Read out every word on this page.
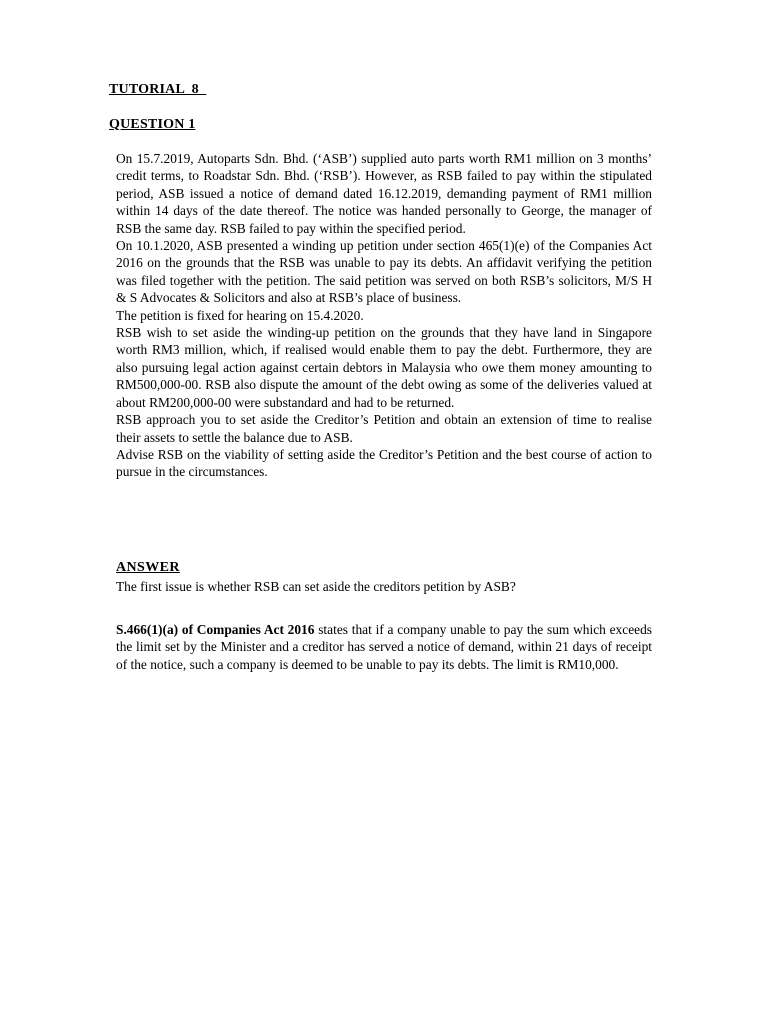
TUTORIAL  8
QUESTION 1

On 15.7.2019, Autoparts Sdn. Bhd. (‘ASB’) supplied auto parts worth RM1 million on 3 months’ credit terms, to Roadstar Sdn. Bhd. (‘RSB’). However, as RSB failed to pay within the stipulated period, ASB issued a notice of demand dated 16.12.2019, demanding payment of RM1 million within 14 days of the date thereof. The notice was handed personally to George, the manager of RSB the same day. RSB failed to pay within the specified period.

On 10.1.2020, ASB presented a winding up petition under section 465(1)(e) of the Companies Act 2016 on the grounds that the RSB was unable to pay its debts. An affidavit verifying the petition was filed together with the petition. The said petition was served on both RSB’s solicitors, M/S H & S Advocates & Solicitors and also at RSB’s place of business.

The petition is fixed for hearing on 15.4.2020.

RSB wish to set aside the winding-up petition on the grounds that they have land in Singapore worth RM3 million, which, if realised would enable them to pay the debt. Furthermore, they are also pursuing legal action against certain debtors in Malaysia who owe them money amounting to RM500,000-00. RSB also dispute the amount of the debt owing as some of the deliveries valued at about RM200,000-00 were substandard and had to be returned.

RSB approach you to set aside the Creditor’s Petition and obtain an extension of time to realise their assets to settle the balance due to ASB.

Advise RSB on the viability of setting aside the Creditor’s Petition and the best course of action to pursue in the circumstances.

ANSWER

The first issue is whether RSB can set aside the creditors petition by ASB?

S.466(1)(a) of Companies Act 2016 states that if a company unable to pay the sum which exceeds the limit set by the Minister and a creditor has served a notice of demand, within 21 days of receipt of the notice, such a company is deemed to be unable to pay its debts. The limit is RM10,000.
